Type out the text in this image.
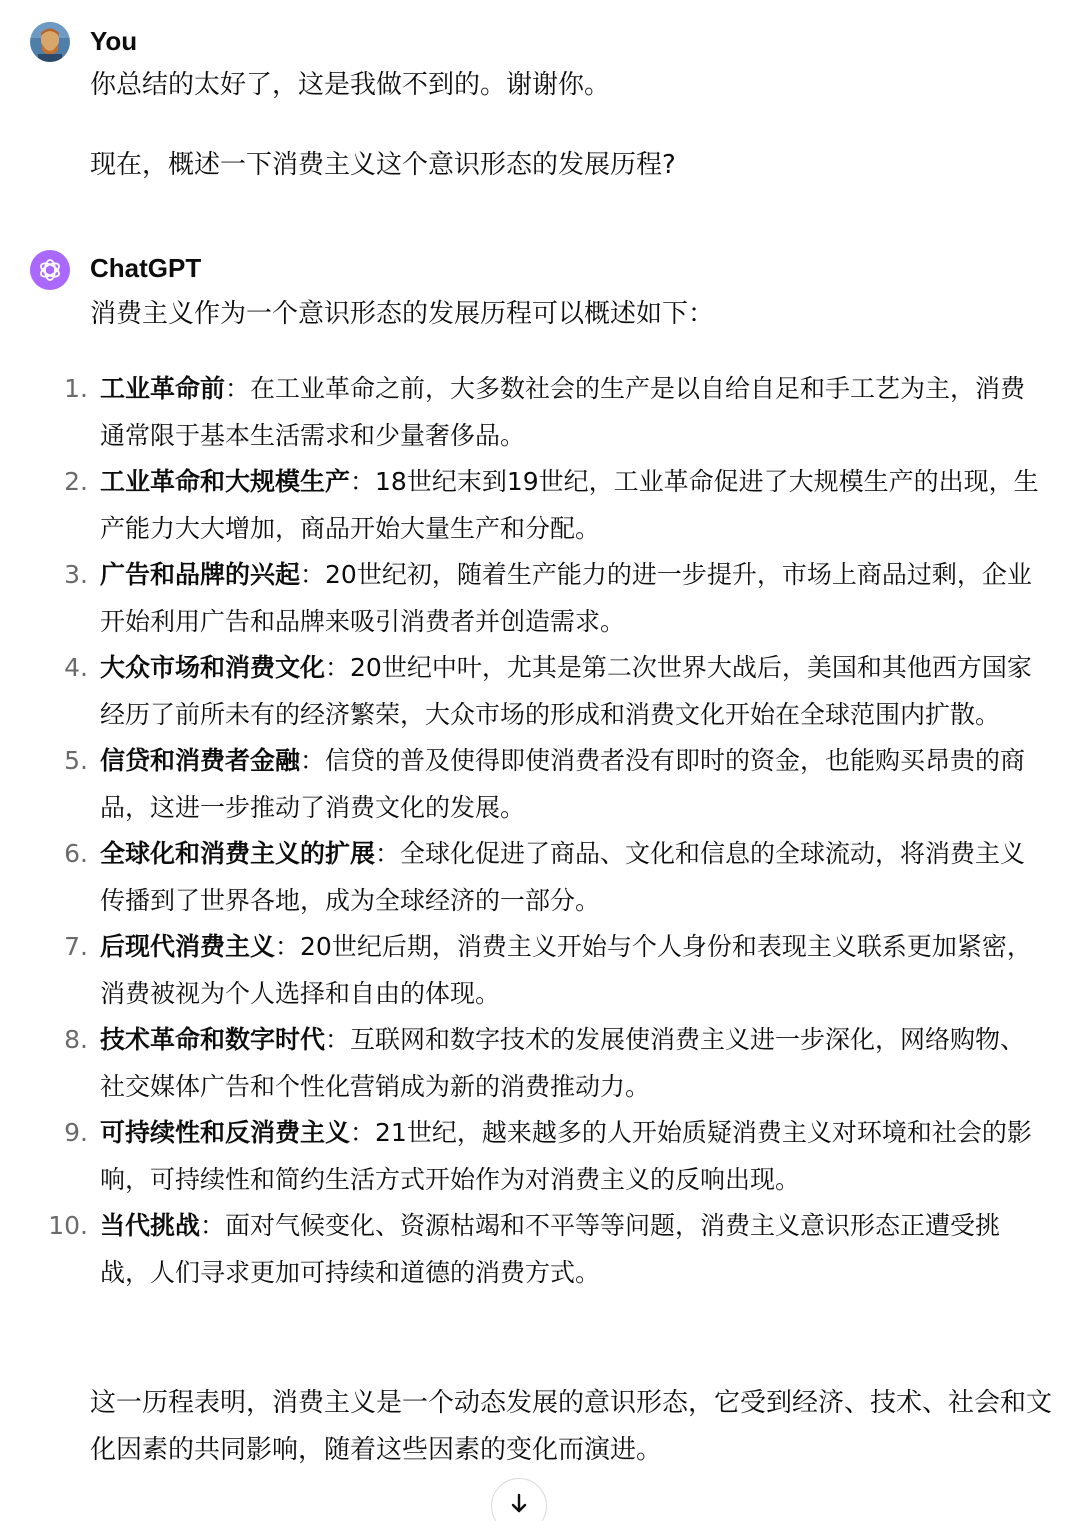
You
你总结的太好了，这是我做不到的。谢谢你。
现在，概述一下消费主义这个意识形态的发展历程?
ChatGPT
消费主义作为一个意识形态的发展历程可以概述如下：
1. 工业革命前：在工业革命之前，大多数社会的生产是以自给自足和手工艺为主，消费通常限于基本生活需求和少量奢侈品。
2. 工业革命和大规模生产：18世纪末到19世纪，工业革命促进了大规模生产的出现，生产能力大大增加，商品开始大量生产和分配。
3. 广告和品牌的兴起：20世纪初，随着生产能力的进一步提升，市场上商品过剩，企业开始利用广告和品牌来吸引消费者并创造需求。
4. 大众市场和消费文化：20世纪中叶，尤其是第二次世界大战后，美国和其他西方国家经历了前所未有的经济繁荣，大众市场的形成和消费文化开始在全球范围内扩散。
5. 信贷和消费者金融：信贷的普及使得即使消费者没有即时的资金，也能购买昂贵的商品，这进一步推动了消费文化的发展。
6. 全球化和消费主义的扩展：全球化促进了商品、文化和信息的全球流动，将消费主义传播到了世界各地，成为全球经济的一部分。
7. 后现代消费主义：20世纪后期，消费主义开始与个人身份和表现主义联系更加紧密，消费被视为个人选择和自由的体现。
8. 技术革命和数字时代：互联网和数字技术的发展使消费主义进一步深化，网络购物、社交媒体广告和个性化营销成为新的消费推动力。
9. 可持续性和反消费主义：21世纪，越来越多的人开始质疑消费主义对环境和社会的影响，可持续性和简约生活方式开始作为对消费主义的反响出现。
10. 当代挑战：面对气候变化、资源枯竭和不平等等问题，消费主义意识形态正遭受挑战，人们寻求更加可持续和道德的消费方式。
这一历程表明，消费主义是一个动态发展的意识形态，它受到经济、技术、社会和文化因素的共同影响，随着这些因素的变化而演进。
